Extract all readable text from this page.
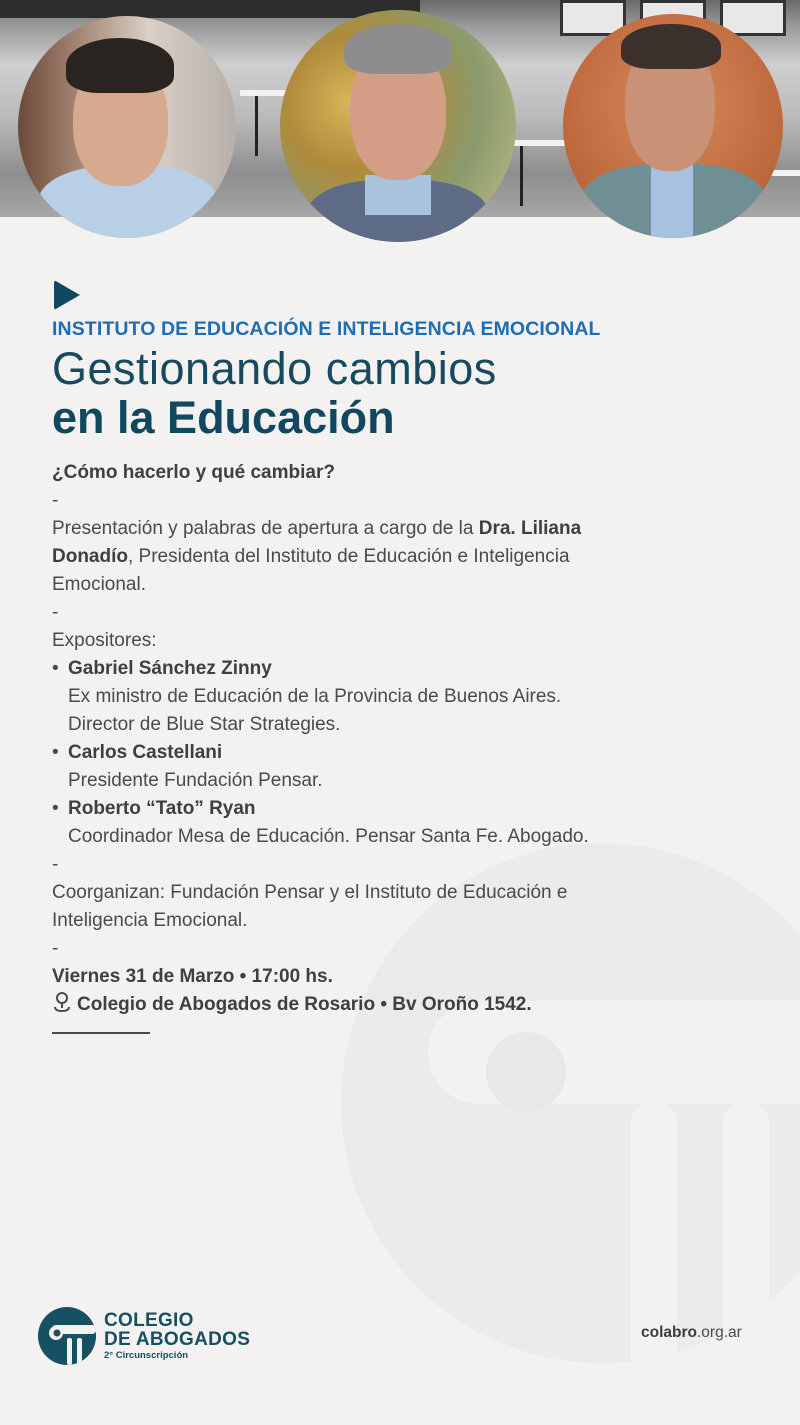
INSTITUTO DE EDUCACIÓN E INTELIGENCIA EMOCIONAL
Gestionando cambios
en la Educación
¿Cómo hacerlo y qué cambiar?
-
Presentación y palabras de apertura a cargo de la Dra. Liliana
Donadío, Presidenta del Instituto de Educación e Inteligencia
Emocional.
-
Expositores:
• Gabriel Sánchez Zinny
Ex ministro de Educación de la Provincia de Buenos Aires.
Director de Blue Star Strategies.
• Carlos Castellani
Presidente Fundación Pensar.
• Roberto “Tato” Ryan
Coordinador Mesa de Educación. Pensar Santa Fe. Abogado.
-
Coorganizan: Fundación Pensar y el Instituto de Educación e
Inteligencia Emocional.
-
Viernes 31 de Marzo • 17:00 hs.
Colegio de Abogados de Rosario • Bv Oroño 1542.
COLEGIO
DE ABOGADOS
2° Circunscripción
colabro.org.ar
